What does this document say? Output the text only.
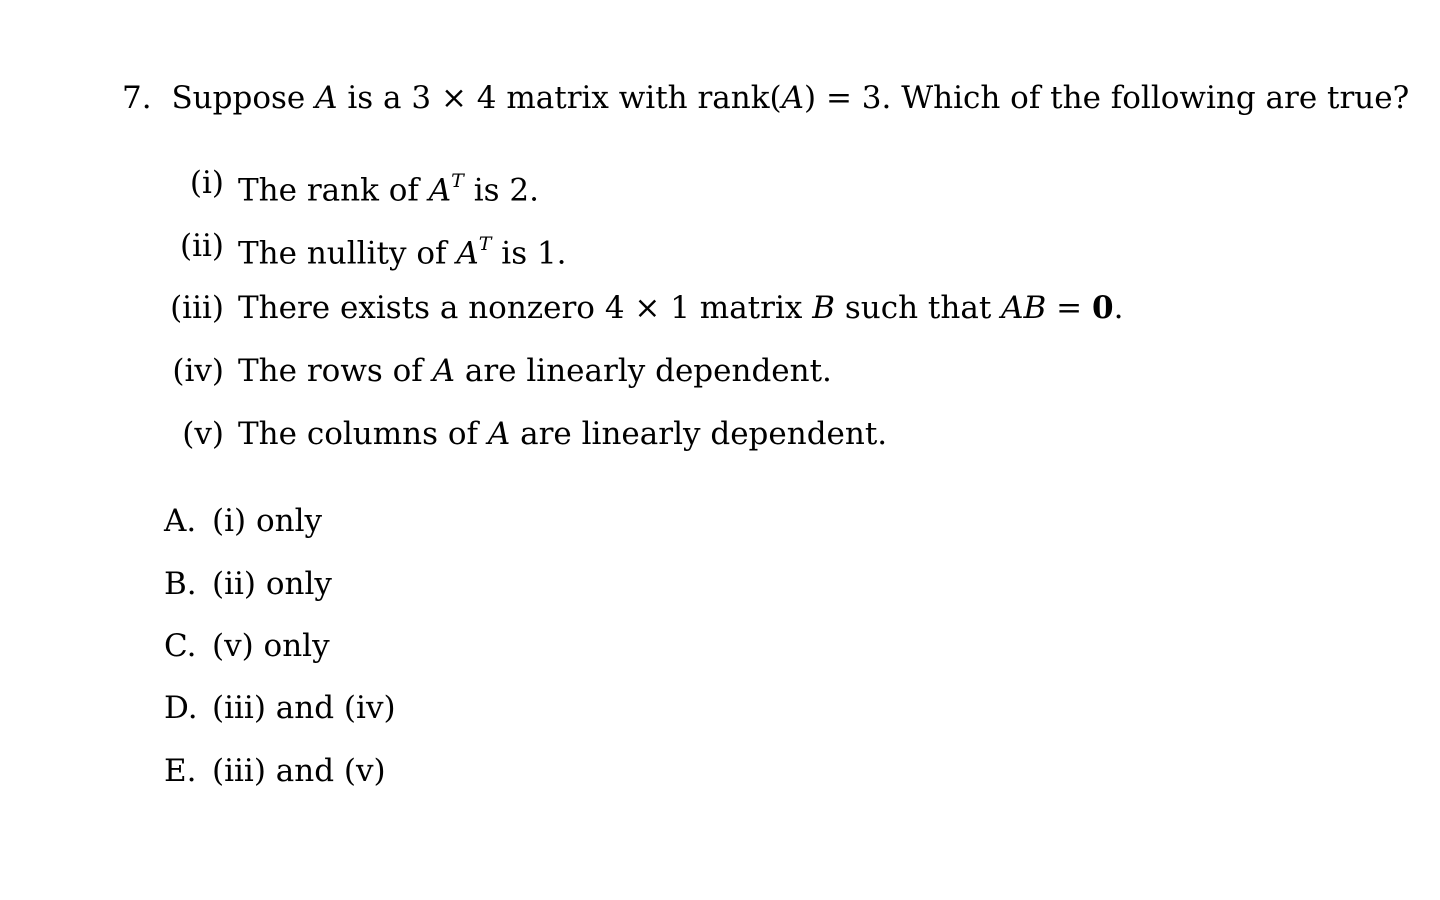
7. Suppose A is a 3 × 4 matrix with rank(A) = 3. Which of the following are true?
(i) The rank of $A^T$ is 2.
(ii) The nullity of $A^T$ is 1.
(iii) There exists a nonzero 4 × 1 matrix B such that AB = 0.
(iv) The rows of A are linearly dependent.
(v) The columns of A are linearly dependent.
A. (i) only
B. (ii) only
C. (v) only
D. (iii) and (iv)
E. (iii) and (v)
